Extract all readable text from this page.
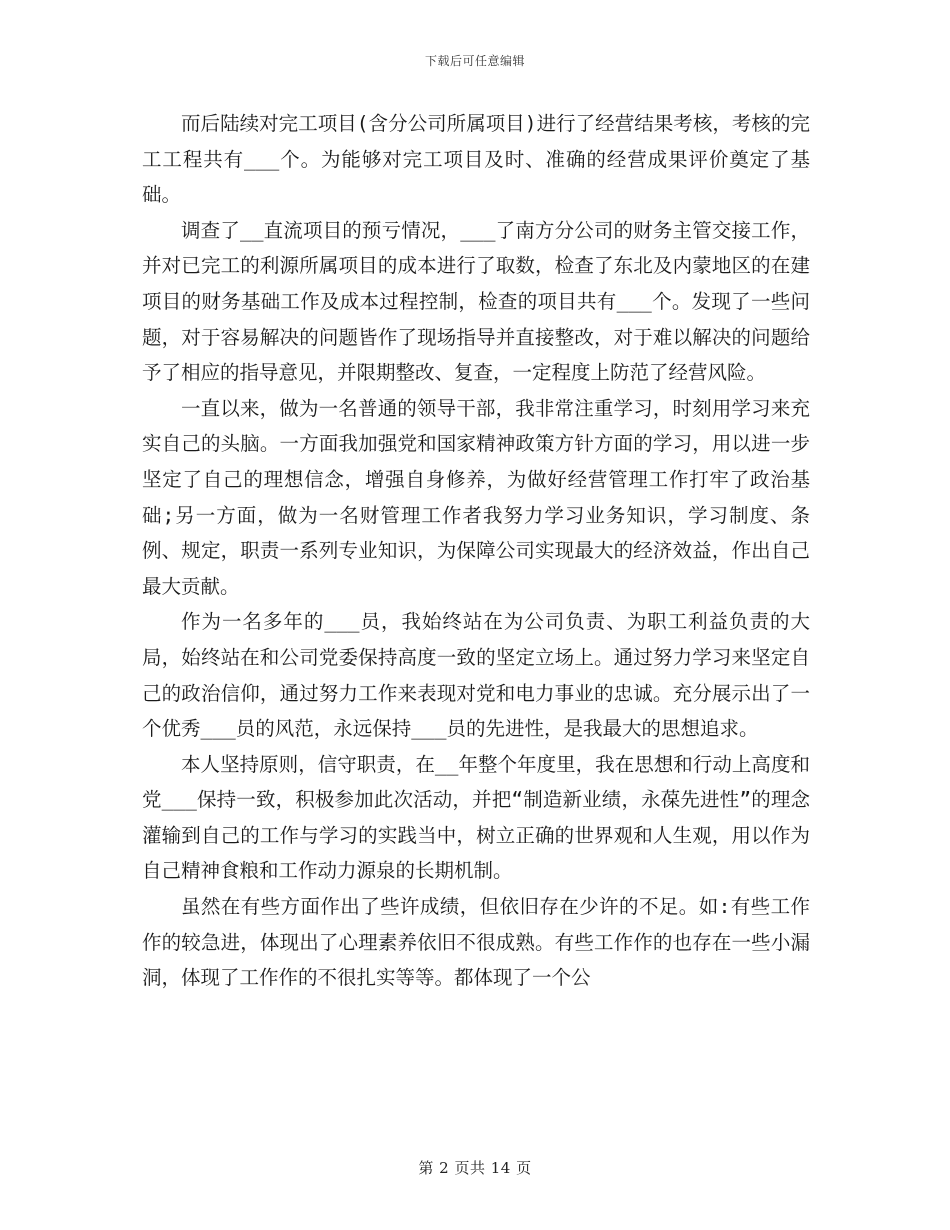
下载后可任意编辑

而后陆续对完工项目(含分公司所属项目)进行了经营结果考核，考核的完工工程共有___个。为能够对完工项目及时、准确的经营成果评价奠定了基础。

调查了__直流项目的预亏情况，___了南方分公司的财务主管交接工作，并对已完工的利源所属项目的成本进行了取数，检查了东北及内蒙地区的在建项目的财务基础工作及成本过程控制，检查的项目共有___个。发现了一些问题，对于容易解决的问题皆作了现场指导并直接整改，对于难以解决的问题给予了相应的指导意见，并限期整改、复查，一定程度上防范了经营风险。

一直以来，做为一名普通的领导干部，我非常注重学习，时刻用学习来充实自己的头脑。一方面我加强党和国家精神政策方针方面的学习，用以进一步坚定了自己的理想信念，增强自身修养，为做好经营管理工作打牢了政治基础;另一方面，做为一名财管理工作者我努力学习业务知识，学习制度、条例、规定，职责一系列专业知识，为保障公司实现最大的经济效益，作出自己最大贡献。

作为一名多年的___员，我始终站在为公司负责、为职工利益负责的大局，始终站在和公司党委保持高度一致的坚定立场上。通过努力学习来坚定自己的政治信仰，通过努力工作来表现对党和电力事业的忠诚。充分展示出了一个优秀___员的风范，永远保持___员的先进性，是我最大的思想追求。

本人坚持原则，信守职责，在__年整个年度里，我在思想和行动上高度和党___保持一致，积极参加此次活动，并把“制造新业绩，永葆先进性”的理念灌输到自己的工作与学习的实践当中，树立正确的世界观和人生观，用以作为自己精神食粮和工作动力源泉的长期机制。

虽然在有些方面作出了些许成绩，但依旧存在少许的不足。如:有些工作作的较急进，体现出了心理素养依旧不很成熟。有些工作作的也存在一些小漏洞，体现了工作作的不很扎实等等。都体现了一个公

第 2 页共 14 页
